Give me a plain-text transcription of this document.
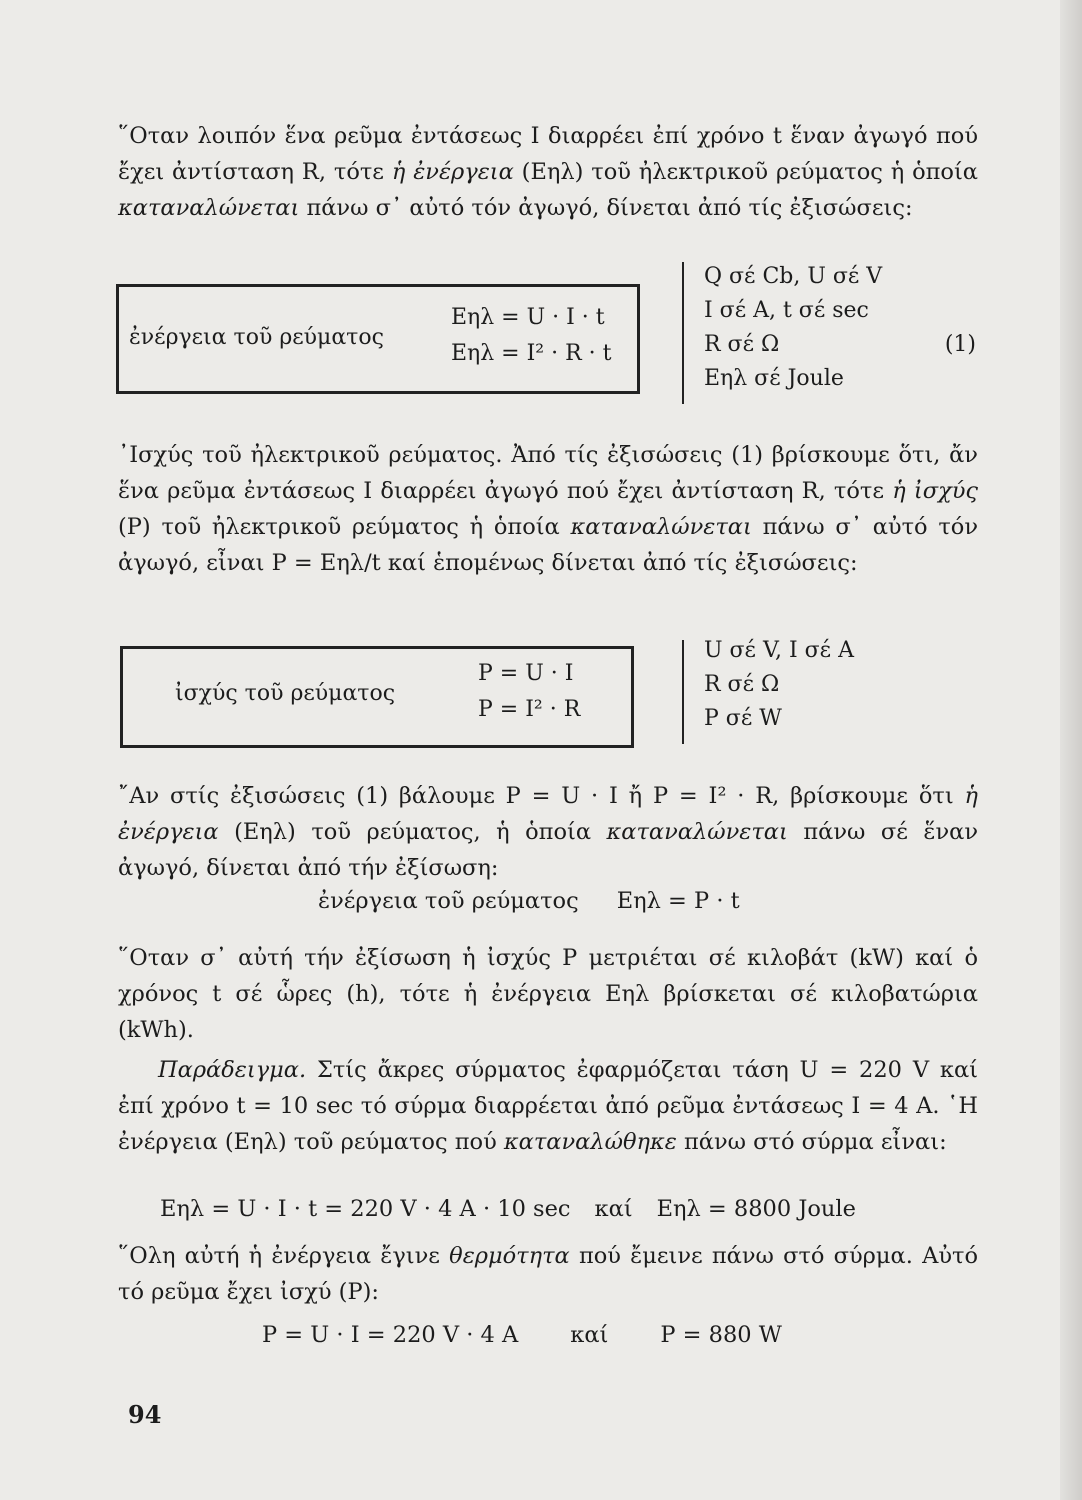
῞Οταν λοιπόν ἕνα ρεῦμα ἐντάσεως I διαρρέει ἐπί χρόνο t ἕναν ἀγωγό πού ἔχει ἀντίσταση R, τότε ἡ ἐνέργεια (Eηλ) τοῦ ἠλεκτρικοῦ ρεύματος ἡ ὁποία καταναλώνεται πάνω σ᾿ αὐτό τόν ἀγωγό, δίνεται ἀπό τίς ἐξισώσεις:

ἐνέργεια τοῦ ρεύματος
Eηλ = U · I · t
Eηλ = I² · R · t
Q σέ Cb, U σέ V
I σέ A, t σέ sec
R σέ Ω	(1)
Eηλ σέ Joule

᾿Ισχύς τοῦ ἠλεκτρικοῦ ρεύματος. Ἀπό τίς ἐξισώσεις (1) βρίσκουμε ὅτι, ἄν ἕνα ρεῦμα ἐντάσεως I διαρρέει ἀγωγό πού ἔχει ἀντίσταση R, τότε ἡ ἰσχύς (P) τοῦ ἠλεκτρικοῦ ρεύματος ἡ ὁποία καταναλώνεται πάνω σ᾿ αὐτό τόν ἀγωγό, εἶναι P = Eηλ/t καί ἑπομένως δίνεται ἀπό τίς ἐξισώσεις:

ἰσχύς τοῦ ρεύματος
P = U · I
P = I² · R
U σέ V, I σέ A
R σέ Ω
P σέ W

῎Αν στίς ἐξισώσεις (1) βάλουμε P = U · I ἤ P = I² · R, βρίσκουμε ὅτι ἡ ἐνέργεια (Eηλ) τοῦ ρεύματος, ἡ ὁποία καταναλώνεται πάνω σέ ἕναν ἀγωγό, δίνεται ἀπό τήν ἐξίσωση:

ἐνέργεια τοῦ ρεύματος Eηλ = P · t

῞Οταν σ᾿ αὐτή τήν ἐξίσωση ἡ ἰσχύς P μετριέται σέ κιλοβάτ (kW) καί ὁ χρόνος t σέ ὧρες (h), τότε ἡ ἐνέργεια Eηλ βρίσκεται σέ κιλοβατώρια (kWh).

Παράδειγμα. Στίς ἄκρες σύρματος ἐφαρμόζεται τάση U = 220 V καί ἐπί χρόνο t = 10 sec τό σύρμα διαρρέεται ἀπό ρεῦμα ἐντάσεως I = 4 A. ῾Η ἐνέργεια (Eηλ) τοῦ ρεύματος πού καταναλώθηκε πάνω στό σύρμα εἶναι:

Eηλ = U · I · t = 220 V · 4 A · 10 sec καί Eηλ = 8800 Joule

῞Ολη αὐτή ἡ ἐνέργεια ἔγινε θερμότητα πού ἔμεινε πάνω στό σύρμα. Αὐτό τό ρεῦμα ἔχει ἰσχύ (P):

P = U · I = 220 V · 4 A καί P = 880 W
94
